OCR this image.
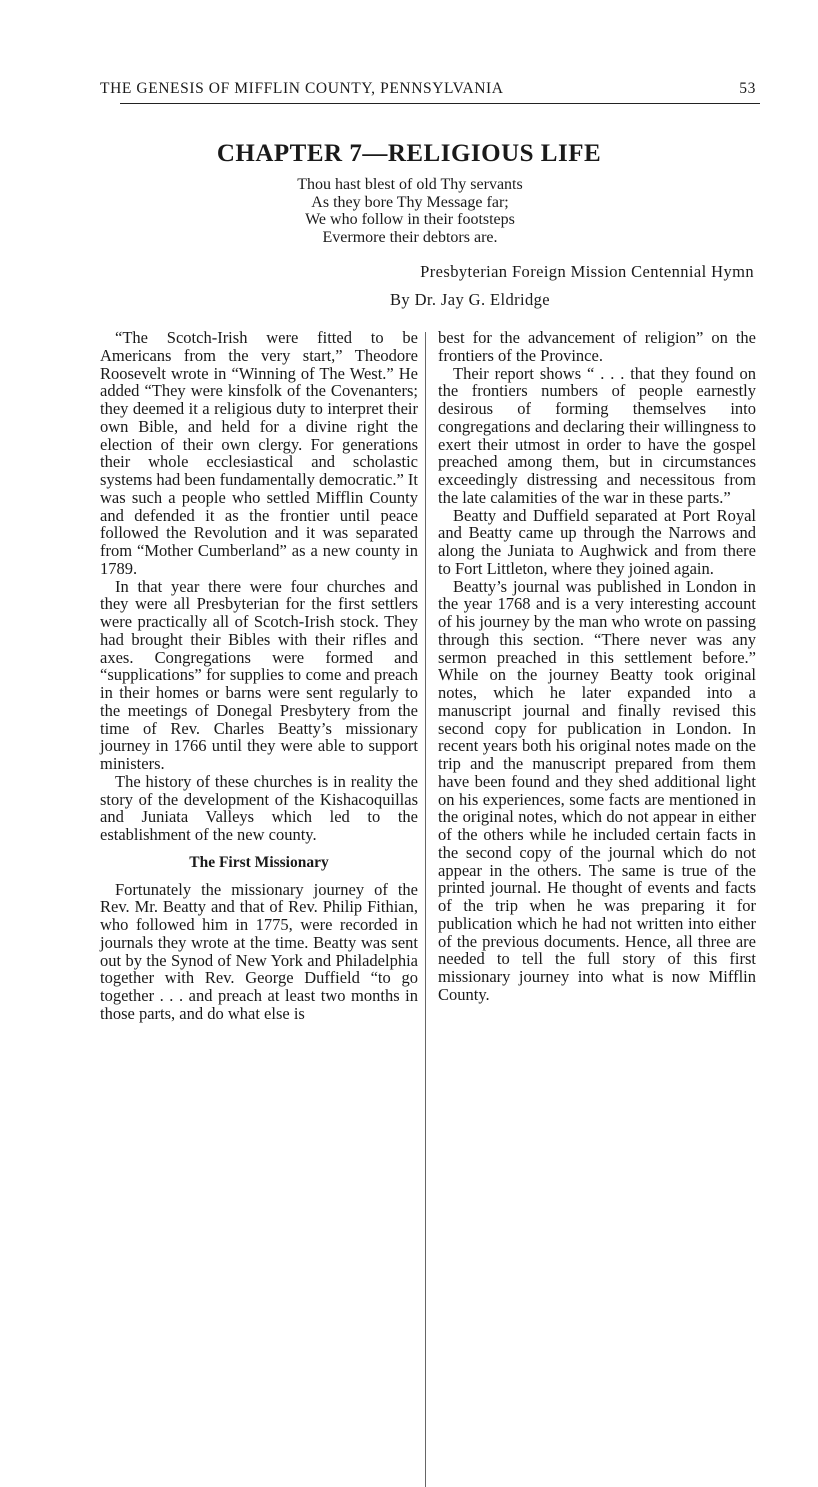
THE GENESIS OF MIFFLIN COUNTY, PENNSYLVANIA	53
CHAPTER 7—RELIGIOUS LIFE
Thou hast blest of old Thy servants
As they bore Thy Message far;
We who follow in their footsteps
Evermore their debtors are.
Presbyterian Foreign Mission Centennial Hymn
By Dr. Jay G. Eldridge

“The Scotch-Irish were fitted to be Americans from the very start,” Theodore Roosevelt wrote in “Winning of The West.” He added “They were kinsfolk of the Covenanters; they deemed it a religious duty to interpret their own Bible, and held for a divine right the election of their own clergy. For generations their whole ecclesiastical and scholastic systems had been fundamentally democratic.” It was such a people who settled Mifflin County and defended it as the frontier until peace followed the Revolution and it was separated from “Mother Cumberland” as a new county in 1789.

In that year there were four churches and they were all Presbyterian for the first settlers were practically all of Scotch-Irish stock. They had brought their Bibles with their rifles and axes. Congregations were formed and “supplications” for supplies to come and preach in their homes or barns were sent regularly to the meetings of Donegal Presbytery from the time of Rev. Charles Beatty’s missionary journey in 1766 until they were able to support ministers.

The history of these churches is in reality the story of the development of the Kishacoquillas and Juniata Valleys which led to the establishment of the new county.

The First Missionary

Fortunately the missionary journey of the Rev. Mr. Beatty and that of Rev. Philip Fithian, who followed him in 1775, were recorded in journals they wrote at the time. Beatty was sent out by the Synod of New York and Philadelphia together with Rev. George Duffield “to go together . . . and preach at least two months in those parts, and do what else is

best for the advancement of religion” on the frontiers of the Province.

Their report shows “ . . . that they found on the frontiers numbers of people earnestly desirous of forming themselves into congregations and declaring their willingness to exert their utmost in order to have the gospel preached among them, but in circumstances exceedingly distressing and necessitous from the late calamities of the war in these parts.”

Beatty and Duffield separated at Port Royal and Beatty came up through the Narrows and along the Juniata to Aughwick and from there to Fort Littleton, where they joined again.

Beatty’s journal was published in London in the year 1768 and is a very interesting account of his journey by the man who wrote on passing through this section. “There never was any sermon preached in this settlement before.” While on the journey Beatty took original notes, which he later expanded into a manuscript journal and finally revised this second copy for publication in London. In recent years both his original notes made on the trip and the manuscript prepared from them have been found and they shed additional light on his experiences, some facts are mentioned in the original notes, which do not appear in either of the others while he included certain facts in the second copy of the journal which do not appear in the others. The same is true of the printed journal. He thought of events and facts of the trip when he was preparing it for publication which he had not written into either of the previous documents. Hence, all three are needed to tell the full story of this first missionary journey into what is now Mifflin County.
